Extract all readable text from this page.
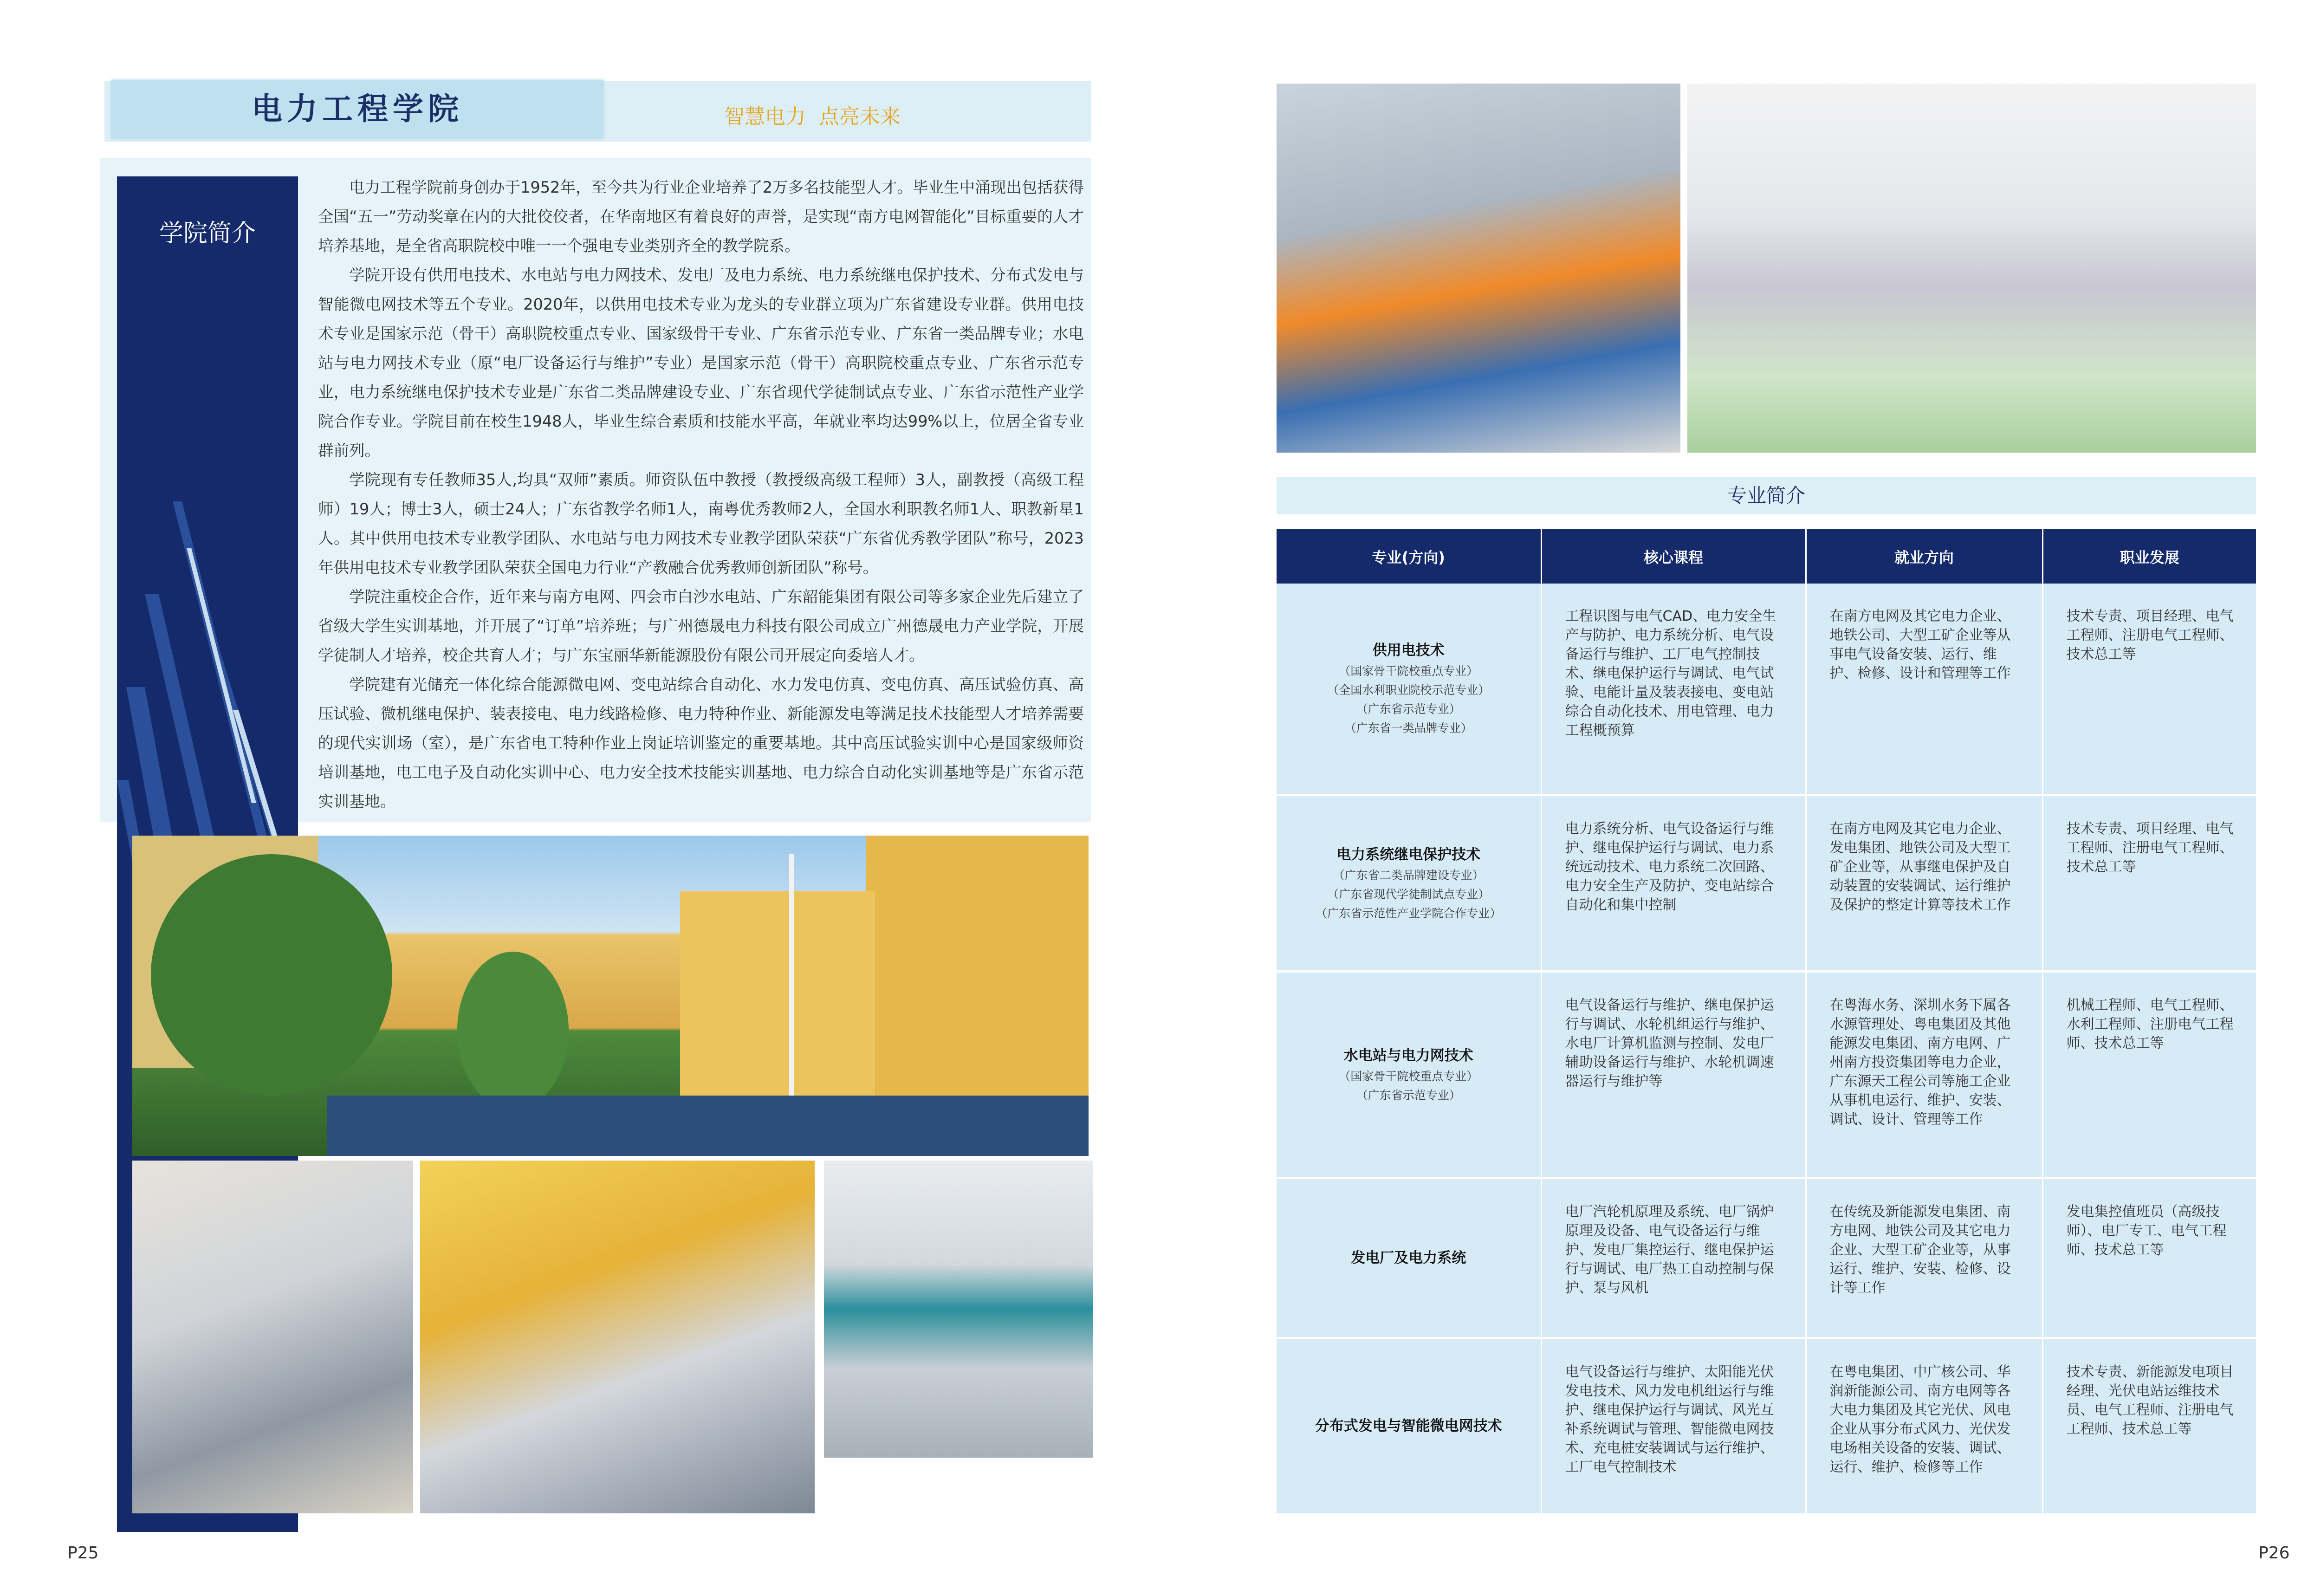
电力工程学院	智慧电力  点亮未来
学院简介

电力工程学院前身创办于1952年，至今共为行业企业培养了2万多名技能型人才。毕业生中涌现出包括获得全国“五一”劳动奖章在内的大批佼佼者，在华南地区有着良好的声誉，是实现“南方电网智能化”目标重要的人才培养基地，是全省高职院校中唯一一个强电专业类别齐全的教学院系。

学院开设有供用电技术、水电站与电力网技术、发电厂及电力系统、电力系统继电保护技术、分布式发电与智能微电网技术等五个专业。2020年，以供用电技术专业为龙头的专业群立项为广东省建设专业群。供用电技术专业是国家示范（骨干）高职院校重点专业、国家级骨干专业、广东省示范专业、广东省一类品牌专业；水电站与电力网技术专业（原“电厂设备运行与维护”专业）是国家示范（骨干）高职院校重点专业、广东省示范专业，电力系统继电保护技术专业是广东省二类品牌建设专业、广东省现代学徒制试点专业、广东省示范性产业学院合作专业。学院目前在校生1948人，毕业生综合素质和技能水平高，年就业率均达99%以上，位居全省专业群前列。

学院现有专任教师35人,均具“双师”素质。师资队伍中教授（教授级高级工程师）3人，副教授（高级工程师）19人；博士3人，硕士24人；广东省教学名师1人，南粤优秀教师2人，全国水利职教名师1人、职教新星1人。其中供用电技术专业教学团队、水电站与电力网技术专业教学团队荣获“广东省优秀教学团队”称号，2023年供用电技术专业教学团队荣获全国电力行业“产教融合优秀教师创新团队”称号。

学院注重校企合作，近年来与南方电网、四会市白沙水电站、广东韶能集团有限公司等多家企业先后建立了省级大学生实训基地，并开展了“订单”培养班；与广州德晟电力科技有限公司成立广州德晟电力产业学院，开展学徒制人才培养，校企共育人才；与广东宝丽华新能源股份有限公司开展定向委培人才。

学院建有光储充一体化综合能源微电网、变电站综合自动化、水力发电仿真、变电仿真、高压试验仿真、高压试验、微机继电保护、装表接电、电力线路检修、电力特种作业、新能源发电等满足技术技能型人才培养需要的现代实训场（室），是广东省电工特种作业上岗证培训鉴定的重要基地。其中高压试验实训中心是国家级师资培训基地，电工电子及自动化实训中心、电力安全技术技能实训基地、电力综合自动化实训基地等是广东省示范实训基地。

P25
专业简介
专业(方向)	核心课程	就业方向	职业发展

供用电技术
（国家骨干院校重点专业）
（全国水利职业院校示范专业）
（广东省示范专业）
（广东省一类品牌专业）	工程识图与电气CAD、电力安全生产与防护、电力系统分析、电气设备运行与维护、工厂电气控制技术、继电保护运行与调试、电气试验、电能计量及装表接电、变电站综合自动化技术、用电管理、电力工程概预算	在南方电网及其它电力企业、地铁公司、大型工矿企业等从事电气设备安装、运行、维护、检修、设计和管理等工作	技术专责、项目经理、电气工程师、注册电气工程师、技术总工等

电力系统继电保护技术
（广东省二类品牌建设专业）
（广东省现代学徒制试点专业）
（广东省示范性产业学院合作专业）	电力系统分析、电气设备运行与维护、继电保护运行与调试、电力系统远动技术、电力系统二次回路、电力安全生产及防护、变电站综合自动化和集中控制	在南方电网及其它电力企业、发电集团、地铁公司及大型工矿企业等，从事继电保护及自动装置的安装调试、运行维护及保护的整定计算等技术工作	技术专责、项目经理、电气工程师、注册电气工程师、技术总工等

水电站与电力网技术
（国家骨干院校重点专业）
（广东省示范专业）	电气设备运行与维护、继电保护运行与调试、水轮机组运行与维护、水电厂计算机监测与控制、发电厂辅助设备运行与维护、水轮机调速器运行与维护等	在粤海水务、深圳水务下属各水源管理处、粤电集团及其他能源发电集团、南方电网、广州南方投资集团等电力企业，广东源天工程公司等施工企业从事机电运行、维护、安装、调试、设计、管理等工作	机械工程师、电气工程师、水利工程师、注册电气工程师、技术总工等

发电厂及电力系统	电厂汽轮机原理及系统、电厂锅炉原理及设备、电气设备运行与维护、发电厂集控运行、继电保护运行与调试、电厂热工自动控制与保护、泵与风机	在传统及新能源发电集团、南方电网、地铁公司及其它电力企业、大型工矿企业等，从事运行、维护、安装、检修、设计等工作	发电集控值班员（高级技师）、电厂专工、电气工程师、技术总工等

分布式发电与智能微电网技术	电气设备运行与维护、太阳能光伏发电技术、风力发电机组运行与维护、继电保护运行与调试、风光互补系统调试与管理、智能微电网技术、充电桩安装调试与运行维护、工厂电气控制技术	在粤电集团、中广核公司、华润新能源公司、南方电网等各大电力集团及其它光伏、风电企业从事分布式风力、光伏发电场相关设备的安装、调试、运行、维护、检修等工作	技术专责、新能源发电项目经理、光伏电站运维技术员、电气工程师、注册电气工程师、技术总工等
P26
